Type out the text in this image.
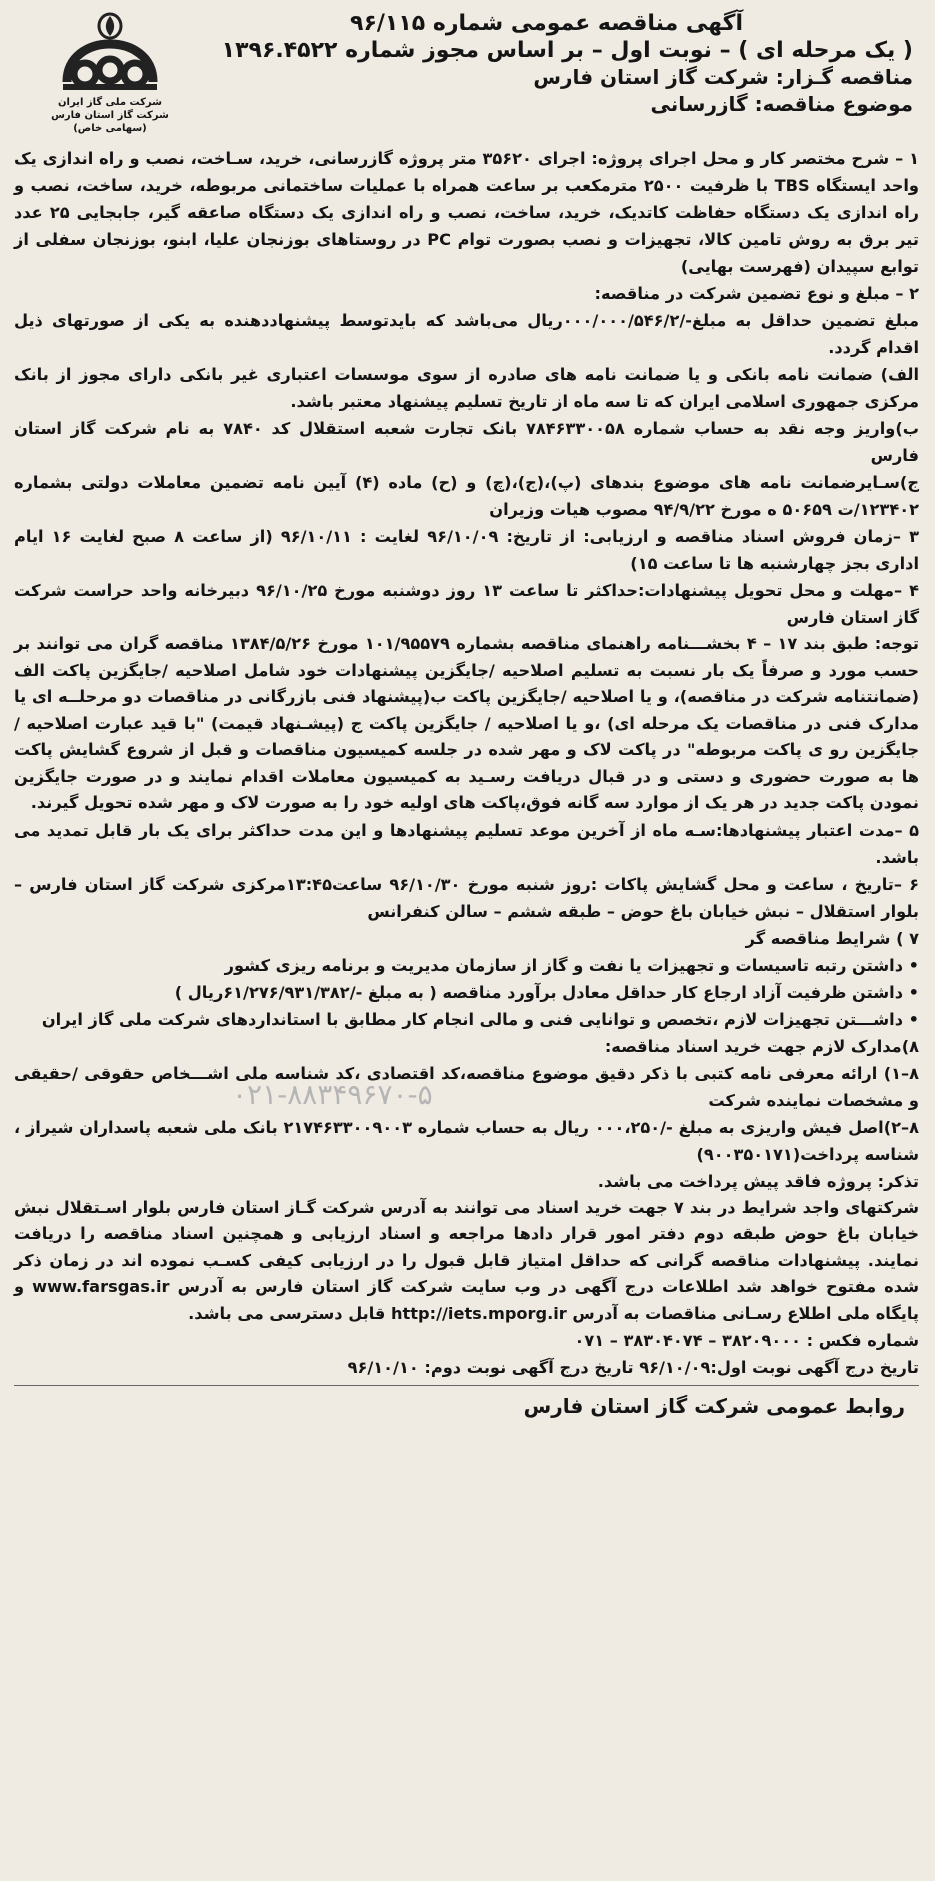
آگهی مناقصه عمومی شماره ۹۶/۱۱۵
( یک مرحله ای ) – نوبت اول – بر اساس مجوز شماره ۱۳۹۶.۴۵۲۲
مناقصه گـزار: شرکت گاز استان فارس
موضوع مناقصه: گازرسانی
شرکت ملی گاز ایران
شرکت گاز استان فارس
(سهامی خاص)

۱ – شرح مختصر کار و محل اجرای پروژه: اجرای ۳۵۶۲۰ متر پروژه گازرسانی، خرید، سـاخت، نصب و راه اندازی یک واحد ایستگاه TBS با ظرفیت ۲۵۰۰ مترمکعب بر ساعت همراه با عملیات ساختمانی مربوطه، خرید، ساخت، نصب و راه اندازی یک دستگاه حفاظت کاتدیک، خرید، ساخت، نصب و راه اندازی یک دستگاه صاعقه گیر، جابجایی ۲۵ عدد تیر برق به روش تامین کالا، تجهیزات و نصب بصورت توام PC در روستاهای بوزنجان علیا، ابنو، بوزنجان سفلی از توابع سپیدان (فهرست بهایی)

۲ – مبلغ و نوع تضمین شرکت در مناقصه:

مبلغ تضمین حداقل به مبلغ-/۰۰۰/۰۰۰/۵۴۶/۲ریال می‌باشد که بایدتوسط پیشنهاددهنده به یکی از صورتهای ذیل اقدام گردد.

الف) ضمانت نامه بانکی و یا ضمانت نامه های صادره از سوی موسسات اعتباری غیر بانکی دارای مجوز از بانک مرکزی جمهوری اسلامی ایران که تا سه ماه از تاریخ تسلیم پیشنهاد معتبر باشد.

ب)واریز وجه نقد به حساب شماره ۷۸۴۶۳۳۰۰۵۸ بانک تجارت شعبه استقلال کد ۷۸۴۰ به نام شرکت گاز استان فارس

ج)سـایرضمانت نامه های موضوع بندهای (پ)،(ج)،(چ) و (ح) ماده (۴) آیین نامه تضمین معاملات دولتی بشماره ۱۲۳۴۰۲/ت ۵۰۶۵۹ ه مورخ ۹۴/۹/۲۲ مصوب هیات وزیران

۳ –زمان فروش اسناد مناقصه و ارزیابی: از تاریخ: ۹۶/۱۰/۰۹ لغایت : ۹۶/۱۰/۱۱ (از ساعت ۸ صبح لغایت ۱۶ ایام اداری بجز چهارشنبه ها تا ساعت ۱۵)

۴ –مهلت و محل تحویل پیشنهادات:حداکثر تا ساعت ۱۳ روز دوشنبه مورخ ۹۶/۱۰/۲۵ دبیرخانه واحد حراست شرکت گاز استان فارس

توجه: طبق بند ۱۷ – ۴ بخشـــنامه راهنمای مناقصه بشماره ۱۰۱/۹۵۵۷۹ مورخ ۱۳۸۴/۵/۲۶ مناقصه گران می توانند بر حسب مورد و صرفاً یک بار نسبت به تسلیم اصلاحیه /جایگزین پیشنهادات خود شامل اصلاحیه /جایگزین پاکت الف (ضمانتنامه شرکت در مناقصه)، و یا اصلاحیه /جایگزین پاکت ب(پیشنهاد فنی بازرگانی در مناقصات دو مرحلــه ای یا مدارک فنی در مناقصات یک مرحله ای) ،و یا اصلاحیه / جایگزین پاکت ج (پیشـنهاد قیمت) "با قید عبارت اصلاحیه /جایگزین رو ی پاکت مربوطه" در پاکت لاک و مهر شده در جلسه کمیسیون مناقصات و قبل از شروع گشایش پاکت ها به صورت حضوری و دستی و در قبال دریافت رسـید به کمیسیون معاملات اقدام نمایند و در صورت جایگزین نمودن پاکت جدید در هر یک از موارد سه گانه فوق،پاکت های اولیه خود را به صورت لاک و مهر شده تحویل گیرند.

۵ –مدت اعتبار پیشنهادها:سـه ماه از آخرین موعد تسلیم پیشنهادها و این مدت حداکثر برای یک بار قابل تمدید می باشد.

۶ –تاریخ ، ساعت و محل گشایش پاکات :روز شنبه مورخ ۹۶/۱۰/۳۰ ساعت۱۳:۴۵مرکزی شرکت گاز استان فارس – بلوار استقلال – نبش خیابان باغ حوض – طبقه ششم – سالن کنفرانس

۷ ) شرایط مناقصه گر

• داشتن رتبه تاسیسات و تجهیزات یا نفت و گاز از سازمان مدیریت و برنامه ریزی کشور

• داشتن ظرفیت آزاد ارجاع کار حداقل معادل برآورد مناقصه ( به مبلغ -/۶۱/۲۷۶/۹۳۱/۳۸۲ریال )

• داشـــتن تجهیزات لازم ،تخصص و توانایی فنی و مالی انجام کار مطابق با استانداردهای شرکت ملی گاز ایران

۸)مدارک لازم جهت خرید اسناد مناقصه:

۸–۱) ارائه معرفی نامه کتبی با ذکر دقیق موضوع مناقصه،کد اقتصادی ،کد شناسه ملی اشـــخاص حقوقی /حقیقی و مشخصات نماینده شرکت

۸–۲)اصل فیش واریزی به مبلغ -/۰۰۰،۲۵۰ ریال به حساب شماره ۲۱۷۴۶۳۳۰۰۹۰۰۳ بانک ملی شعبه پاسداران شیراز ، شناسه پرداخت(۹۰۰۳۵۰۱۷۱)

تذکر: پروژه فاقد پیش پرداخت می باشد.

شرکتهای واجد شرایط در بند ۷ جهت خرید اسناد می توانند به آدرس شرکت گـاز استان فارس بلوار اسـتقلال نبش خیابان باغ حوض طبقه دوم دفتر امور قرار دادها مراجعه و اسناد ارزیابی و همچنین اسناد مناقصه را دریافت نمایند. پیشنهادات مناقصه گرانی که حداقل امتیاز قابل قبول را در ارزیابی کیفی کسـب نموده اند در زمان ذکر شده مفتوح خواهد شد اطلاعات درج آگهی در وب سایت شرکت گاز استان فارس به آدرس www.farsgas.ir و پایگاه ملی اطلاع رسـانی مناقصات به آدرس http://iets.mporg.ir قابل دسترسی می باشد.

شماره فکس : ۳۸۲۰۹۰۰۰ – ۳۸۳۰۴۰۷۴ – ۰۷۱

تاریخ درج آگهی نوبت اول:۹۶/۱۰/۰۹ تاریخ درج آگهی نوبت دوم: ۹۶/۱۰/۱۰

روابط عمومی شرکت گاز استان فارس
۰۲۱-۸۸۳۴۹۶۷۰-۵
